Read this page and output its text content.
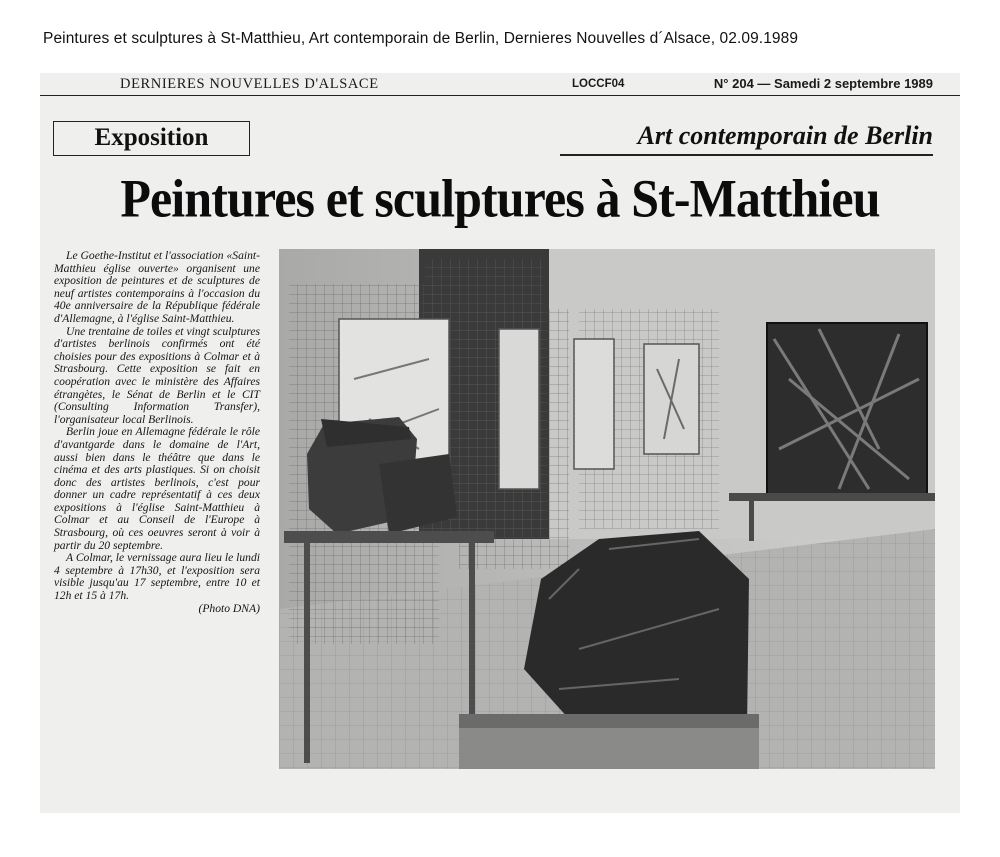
Peintures et sculptures à St-Matthieu, Art contemporain de Berlin, Dernieres Nouvelles d´Alsace, 02.09.1989
DERNIERES NOUVELLES D'ALSACE	LOCCF04	N° 204 — Samedi 2 septembre 1989
Exposition	Art contemporain de Berlin
Peintures et sculptures à St-Matthieu

Le Goethe-Institut et l'association «Saint-Matthieu église ouverte» organisent une exposition de peintures et de sculptures de neuf artistes contemporains à l'occasion du 40e anniversaire de la République fédérale d'Allemagne, à l'église Saint-Matthieu.

Une trentaine de toiles et vingt sculptures d'artistes berlinois confirmés ont été choisies pour des expositions à Colmar et à Strasbourg. Cette exposition se fait en coopération avec le ministère des Affaires étrangètes, le Sénat de Berlin et le CIT (Consulting Information Transfer), l'organisateur local Berlinois.

Berlin joue en Allemagne fédérale le rôle d'avantgarde dans le domaine de l'Art, aussi bien dans le théâtre que dans le cinéma et des arts plastiques. Si on choisit donc des artistes berlinois, c'est pour donner un cadre représentatif à ces deux expositions à l'église Saint-Matthieu à Colmar et au Conseil de l'Europe à Strasbourg, où ces oeuvres seront à voir à partir du 20 septembre.

A Colmar, le vernissage aura lieu le lundi 4 septembre à 17h30, et l'exposition sera visible jusqu'au 17 septembre, entre 10 et 12h et 15 à 17h.

(Photo DNA)
